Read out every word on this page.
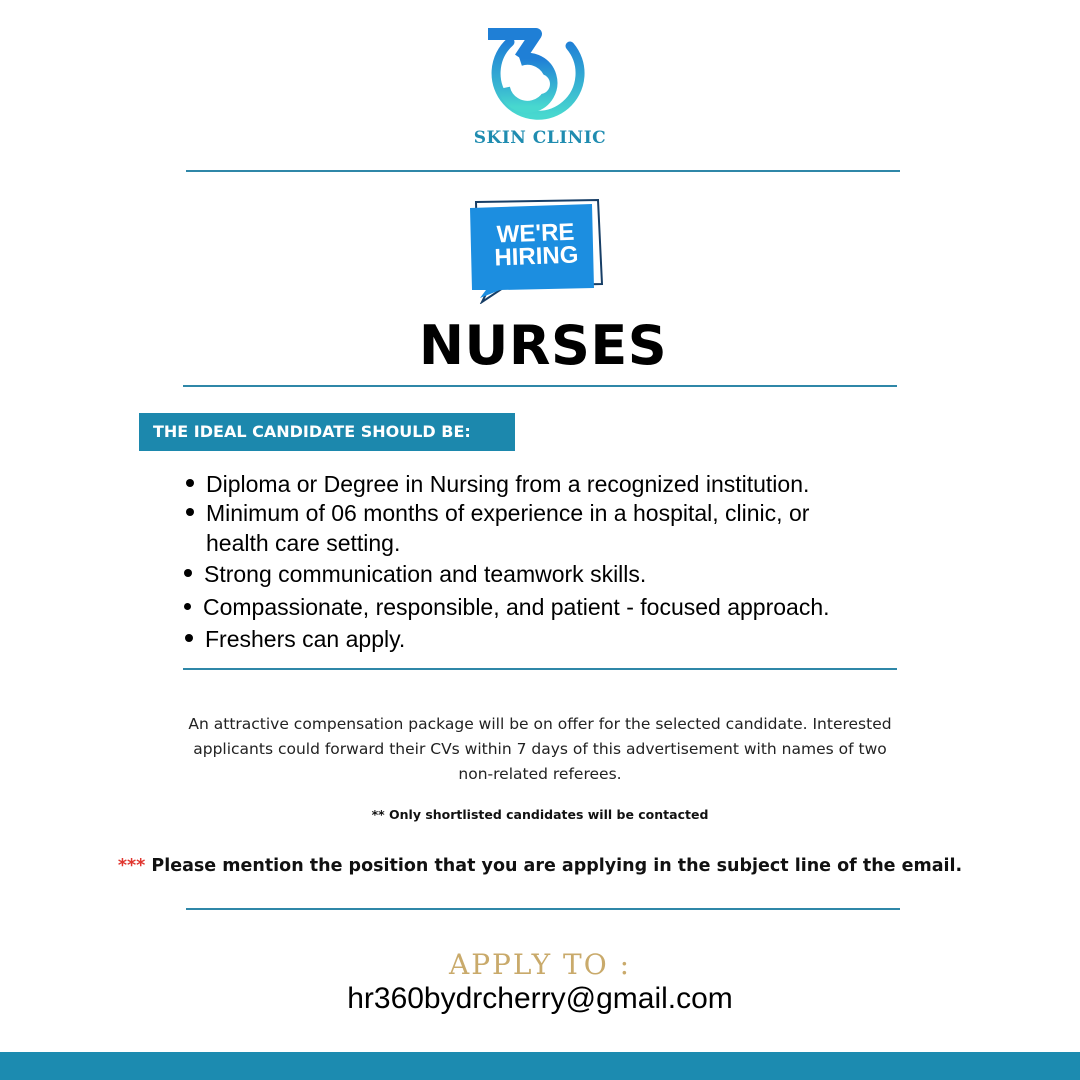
SKIN CLINIC
WE'RE
HIRING
NURSES
THE IDEAL CANDIDATE SHOULD BE:
Diploma or Degree in Nursing from a recognized institution.
Minimum of 06 months of experience in a hospital, clinic, or
health care setting.
Strong communication and teamwork skills.
Compassionate, responsible, and patient - focused approach.
Freshers can apply.
An attractive compensation package will be on offer for the selected candidate. Interested
applicants could forward their CVs within 7 days of this advertisement with names of two
non-related referees.
** Only shortlisted candidates will be contacted
*** Please mention the position that you are applying in the subject line of the email.
APPLY TO :
hr360bydrcherry@gmail.com
